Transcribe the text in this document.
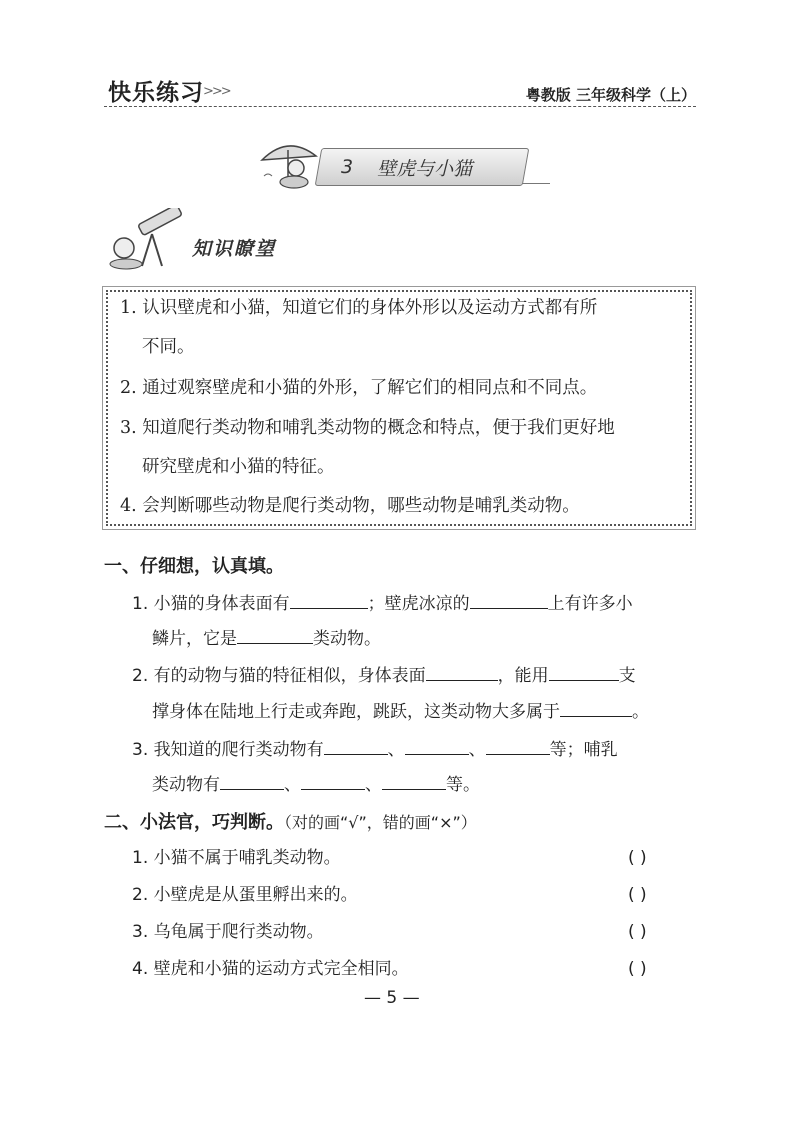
快乐练习 >>>	粤教版 三年级科学（上）
3 壁虎与小猫
知识瞭望
1. 认识壁虎和小猫，知道它们的身体外形以及运动方式都有所
不同。
2. 通过观察壁虎和小猫的外形，了解它们的相同点和不同点。
3. 知道爬行类动物和哺乳类动物的概念和特点，便于我们更好地
研究壁虎和小猫的特征。
4. 会判断哪些动物是爬行类动物，哪些动物是哺乳类动物。
一、仔细想，认真填。
1. 小猫的身体表面有	；壁虎冰凉的	上有许多小
鳞片，它是	类动物。
2. 有的动物与猫的特征相似，身体表面	，能用	支
撑身体在陆地上行走或奔跑，跳跃，这类动物大多属于	。
3. 我知道的爬行类动物有	、	、	等；哺乳
类动物有	、	、	等。
二、小法官，巧判断。（对的画“√”，错的画“×”）
1. 小猫不属于哺乳类动物。	( )
2. 小壁虎是从蛋里孵出来的。	( )
3. 乌龟属于爬行类动物。	( )
4. 壁虎和小猫的运动方式完全相同。	( )
— 5 —
